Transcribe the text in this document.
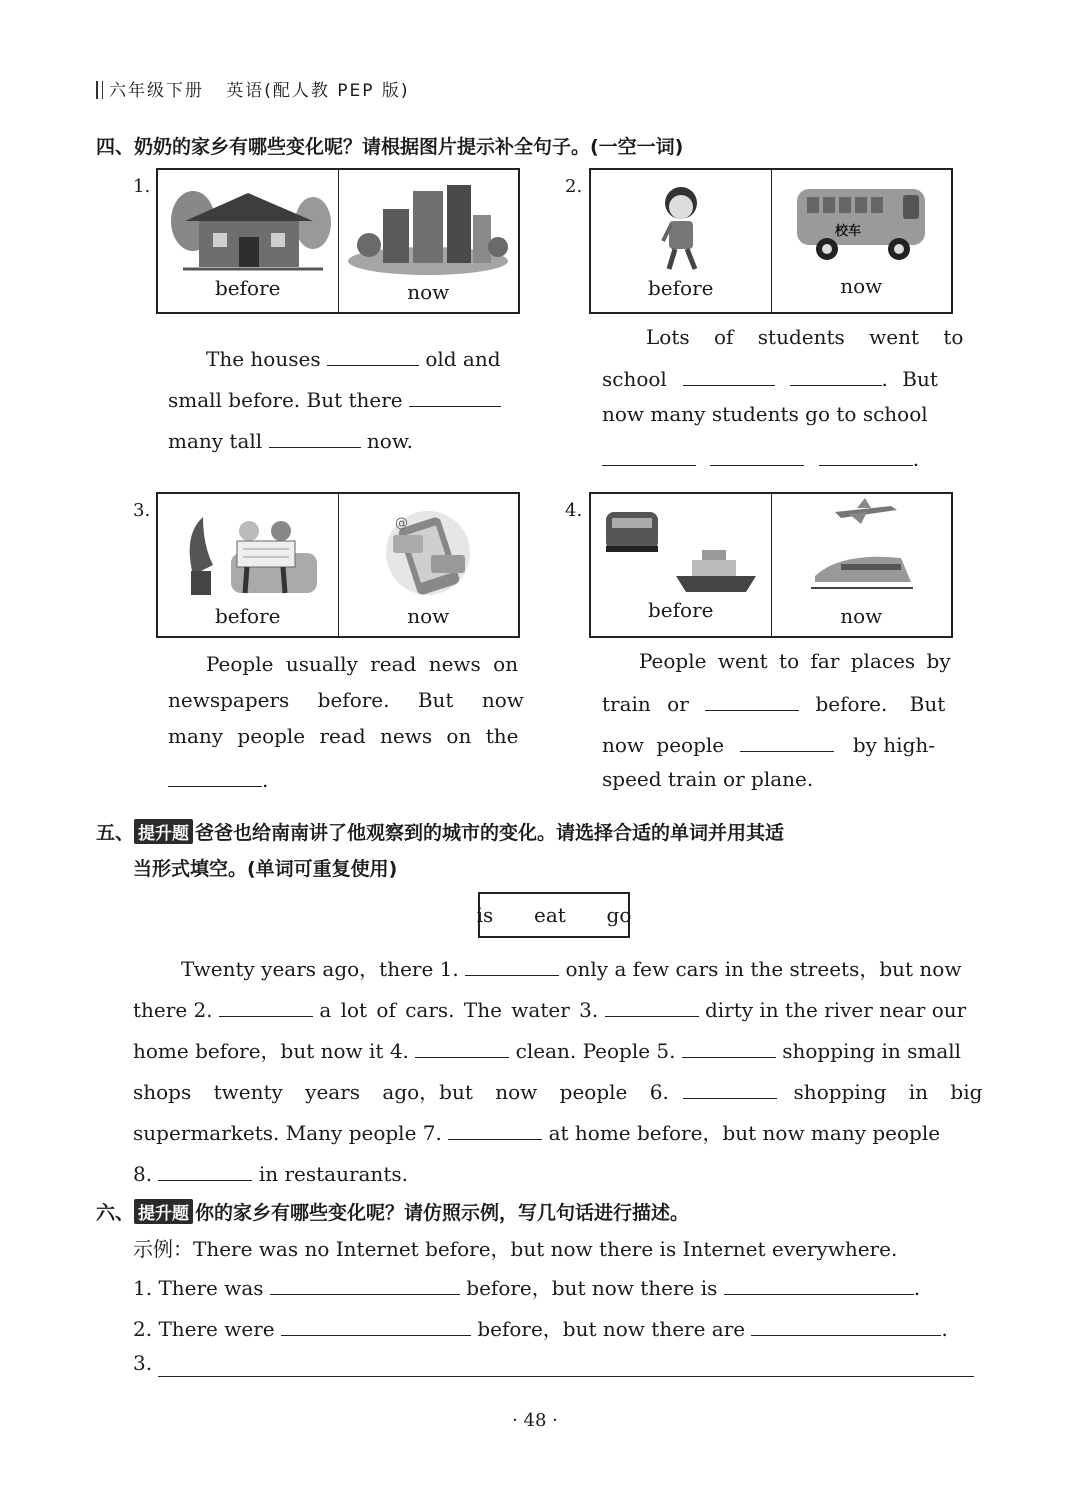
六年级下册 英语(配人教 PEP 版)
四、奶奶的家乡有哪些变化呢？请根据图片提示补全句子。(一空一词)
1.
before	now
The houses	old and
small before. But there
many tall	now.
2.
before
校车
now
Lots of students went to
school	. But
now many students go to school
.
3.
before
@
now
People usually read news on
newspapers before. But now
many people read news on the
.
4.
before	now
People went to far places by
train or	before. But
now people	by high-
speed train or plane.
五、 提升题 爸爸也给南南讲了他观察到的城市的变化。请选择合适的单词并用其适
当形式填空。(单词可重复使用)
is  eat  go
Twenty years ago，there 1.	only a few cars in the streets，but now
there 2.	a lot of cars. The water 3.	dirty in the river near our
home before，but now it 4.	clean. People 5.	shopping in small
shops twenty years ago，but now people 6.	shopping in big
supermarkets. Many people 7.	at home before，but now many people
8.	in restaurants.
六、 提升题 你的家乡有哪些变化呢？请仿照示例，写几句话进行描述。
示例：There was no Internet before，but now there is Internet everywhere.
1. There was	before，but now there is	.
2. There were	before，but now there are	.
3.
· 48 ·
